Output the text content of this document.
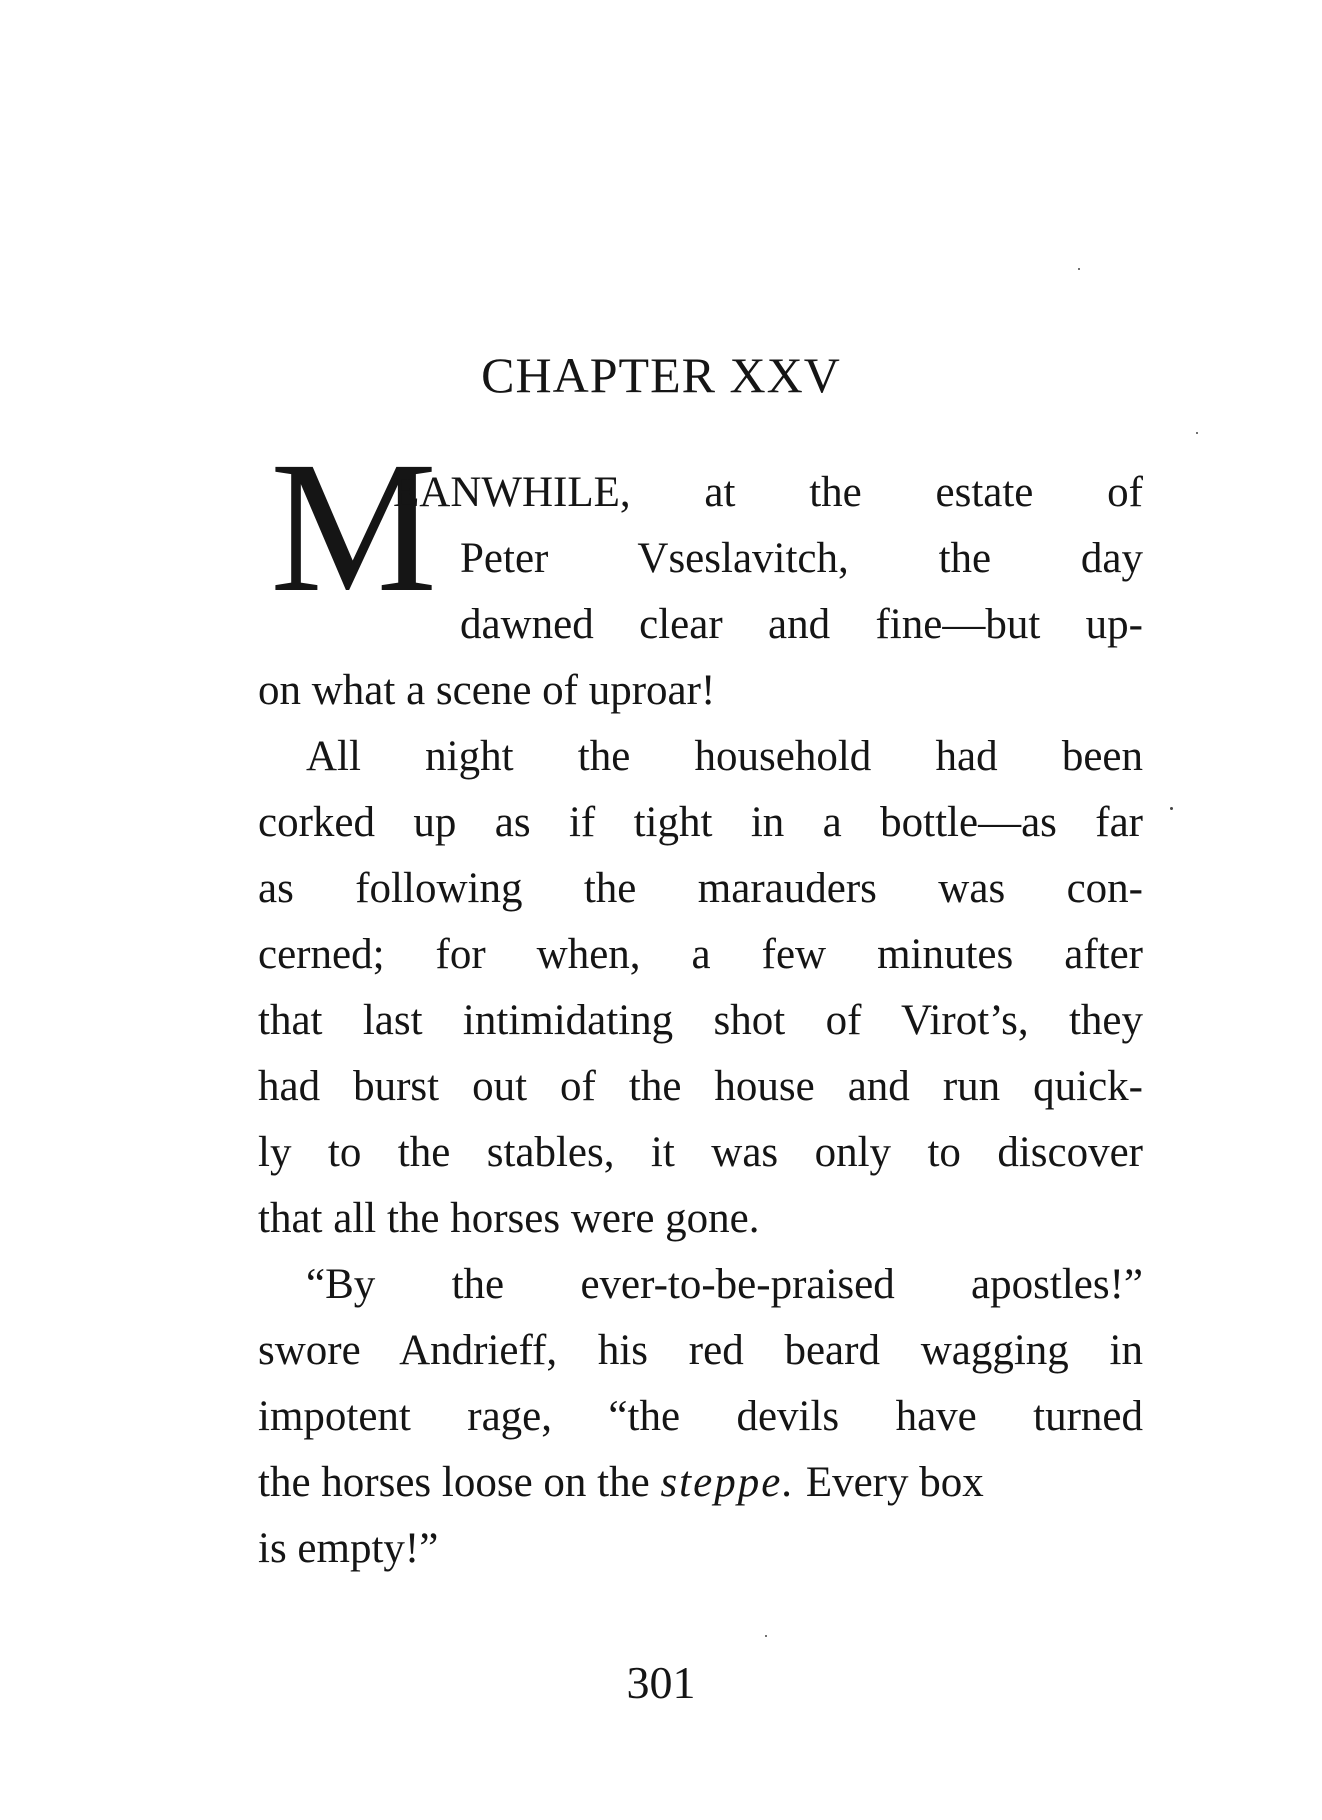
CHAPTER XXV
M
EANWHILE, at the estate of
Peter Vseslavitch, the day
dawned clear and fine—but up-
on what a scene of uproar!
All night the household had been
corked up as if tight in a bottle—as far
as following the marauders was con-
cerned; for when, a few minutes after
that last intimidating shot of Virot’s, they
had burst out of the house and run quick-
ly to the stables, it was only to discover
that all the horses were gone.
“By the ever-to-be-praised apostles!”
swore Andrieff, his red beard wagging in
impotent rage, “the devils have turned
the horses loose on the steppe. Every box
is empty!”
301
